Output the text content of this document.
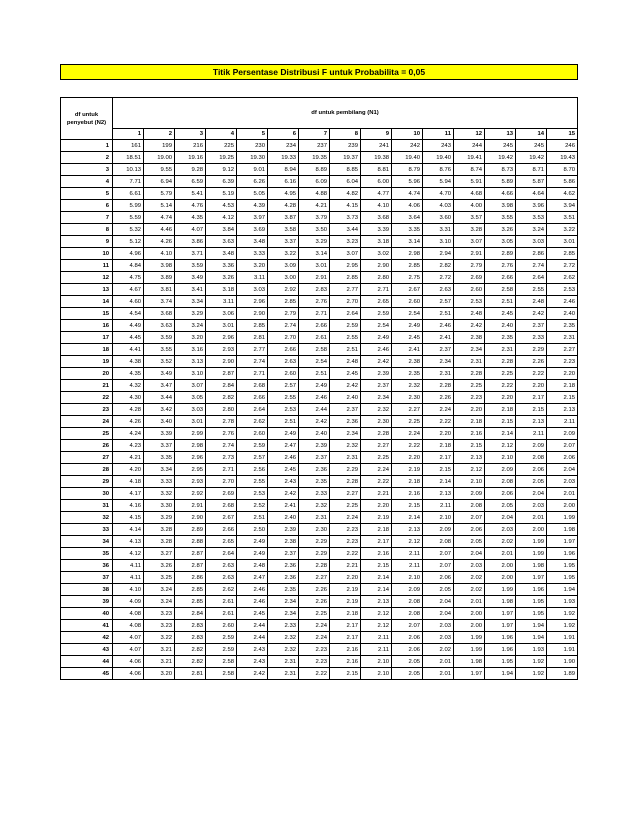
Titik Persentase Distribusi F untuk Probabilita = 0,05
df untuk penyebut (N2)	df untuk pembilang (N1)														
	1	2	3	4	5	6	7	8	9	10	11	12	13	14	15
1	161	199	216	225	230	234	237	239	241	242	243	244	245	245	246
2	18.51	19.00	19.16	19.25	19.30	19.33	19.35	19.37	19.38	19.40	19.40	19.41	19.42	19.42	19.43
3	10.13	9.55	9.28	9.12	9.01	8.94	8.89	8.85	8.81	8.79	8.76	8.74	8.73	8.71	8.70
4	7.71	6.94	6.59	6.39	6.26	6.16	6.09	6.04	6.00	5.96	5.94	5.91	5.89	5.87	5.86
5	6.61	5.79	5.41	5.19	5.05	4.95	4.88	4.82	4.77	4.74	4.70	4.68	4.66	4.64	4.62
6	5.99	5.14	4.76	4.53	4.39	4.28	4.21	4.15	4.10	4.06	4.03	4.00	3.98	3.96	3.94
7	5.59	4.74	4.35	4.12	3.97	3.87	3.79	3.73	3.68	3.64	3.60	3.57	3.55	3.53	3.51
8	5.32	4.46	4.07	3.84	3.69	3.58	3.50	3.44	3.39	3.35	3.31	3.28	3.26	3.24	3.22
9	5.12	4.26	3.86	3.63	3.48	3.37	3.29	3.23	3.18	3.14	3.10	3.07	3.05	3.03	3.01
10	4.96	4.10	3.71	3.48	3.33	3.22	3.14	3.07	3.02	2.98	2.94	2.91	2.89	2.86	2.85
11	4.84	3.98	3.59	3.36	3.20	3.09	3.01	2.95	2.90	2.85	2.82	2.79	2.76	2.74	2.72
12	4.75	3.89	3.49	3.26	3.11	3.00	2.91	2.85	2.80	2.75	2.72	2.69	2.66	2.64	2.62
13	4.67	3.81	3.41	3.18	3.03	2.92	2.83	2.77	2.71	2.67	2.63	2.60	2.58	2.55	2.53
14	4.60	3.74	3.34	3.11	2.96	2.85	2.76	2.70	2.65	2.60	2.57	2.53	2.51	2.48	2.46
15	4.54	3.68	3.29	3.06	2.90	2.79	2.71	2.64	2.59	2.54	2.51	2.48	2.45	2.42	2.40
16	4.49	3.63	3.24	3.01	2.85	2.74	2.66	2.59	2.54	2.49	2.46	2.42	2.40	2.37	2.35
17	4.45	3.59	3.20	2.96	2.81	2.70	2.61	2.55	2.49	2.45	2.41	2.38	2.35	2.33	2.31
18	4.41	3.55	3.16	2.93	2.77	2.66	2.58	2.51	2.46	2.41	2.37	2.34	2.31	2.29	2.27
19	4.38	3.52	3.13	2.90	2.74	2.63	2.54	2.48	2.42	2.38	2.34	2.31	2.28	2.26	2.23
20	4.35	3.49	3.10	2.87	2.71	2.60	2.51	2.45	2.39	2.35	2.31	2.28	2.25	2.22	2.20
21	4.32	3.47	3.07	2.84	2.68	2.57	2.49	2.42	2.37	2.32	2.28	2.25	2.22	2.20	2.18
22	4.30	3.44	3.05	2.82	2.66	2.55	2.46	2.40	2.34	2.30	2.26	2.23	2.20	2.17	2.15
23	4.28	3.42	3.03	2.80	2.64	2.53	2.44	2.37	2.32	2.27	2.24	2.20	2.18	2.15	2.13
24	4.26	3.40	3.01	2.78	2.62	2.51	2.42	2.36	2.30	2.25	2.22	2.18	2.15	2.13	2.11
25	4.24	3.39	2.99	2.76	2.60	2.49	2.40	2.34	2.28	2.24	2.20	2.16	2.14	2.11	2.09
26	4.23	3.37	2.98	2.74	2.59	2.47	2.39	2.32	2.27	2.22	2.18	2.15	2.12	2.09	2.07
27	4.21	3.35	2.96	2.73	2.57	2.46	2.37	2.31	2.25	2.20	2.17	2.13	2.10	2.08	2.06
28	4.20	3.34	2.95	2.71	2.56	2.45	2.36	2.29	2.24	2.19	2.15	2.12	2.09	2.06	2.04
29	4.18	3.33	2.93	2.70	2.55	2.43	2.35	2.28	2.22	2.18	2.14	2.10	2.08	2.05	2.03
30	4.17	3.32	2.92	2.69	2.53	2.42	2.33	2.27	2.21	2.16	2.13	2.09	2.06	2.04	2.01
31	4.16	3.30	2.91	2.68	2.52	2.41	2.32	2.25	2.20	2.15	2.11	2.08	2.05	2.03	2.00
32	4.15	3.29	2.90	2.67	2.51	2.40	2.31	2.24	2.19	2.14	2.10	2.07	2.04	2.01	1.99
33	4.14	3.28	2.89	2.66	2.50	2.39	2.30	2.23	2.18	2.13	2.09	2.06	2.03	2.00	1.98
34	4.13	3.28	2.88	2.65	2.49	2.38	2.29	2.23	2.17	2.12	2.08	2.05	2.02	1.99	1.97
35	4.12	3.27	2.87	2.64	2.49	2.37	2.29	2.22	2.16	2.11	2.07	2.04	2.01	1.99	1.96
36	4.11	3.26	2.87	2.63	2.48	2.36	2.28	2.21	2.15	2.11	2.07	2.03	2.00	1.98	1.95
37	4.11	3.25	2.86	2.63	2.47	2.36	2.27	2.20	2.14	2.10	2.06	2.02	2.00	1.97	1.95
38	4.10	3.24	2.85	2.62	2.46	2.35	2.26	2.19	2.14	2.09	2.05	2.02	1.99	1.96	1.94
39	4.09	3.24	2.85	2.61	2.46	2.34	2.26	2.19	2.13	2.08	2.04	2.01	1.98	1.95	1.93
40	4.08	3.23	2.84	2.61	2.45	2.34	2.25	2.18	2.12	2.08	2.04	2.00	1.97	1.95	1.92
41	4.08	3.23	2.83	2.60	2.44	2.33	2.24	2.17	2.12	2.07	2.03	2.00	1.97	1.94	1.92
42	4.07	3.22	2.83	2.59	2.44	2.32	2.24	2.17	2.11	2.06	2.03	1.99	1.96	1.94	1.91
43	4.07	3.21	2.82	2.59	2.43	2.32	2.23	2.16	2.11	2.06	2.02	1.99	1.96	1.93	1.91
44	4.06	3.21	2.82	2.58	2.43	2.31	2.23	2.16	2.10	2.05	2.01	1.98	1.95	1.92	1.90
45	4.06	3.20	2.81	2.58	2.42	2.31	2.22	2.15	2.10	2.05	2.01	1.97	1.94	1.92	1.89
